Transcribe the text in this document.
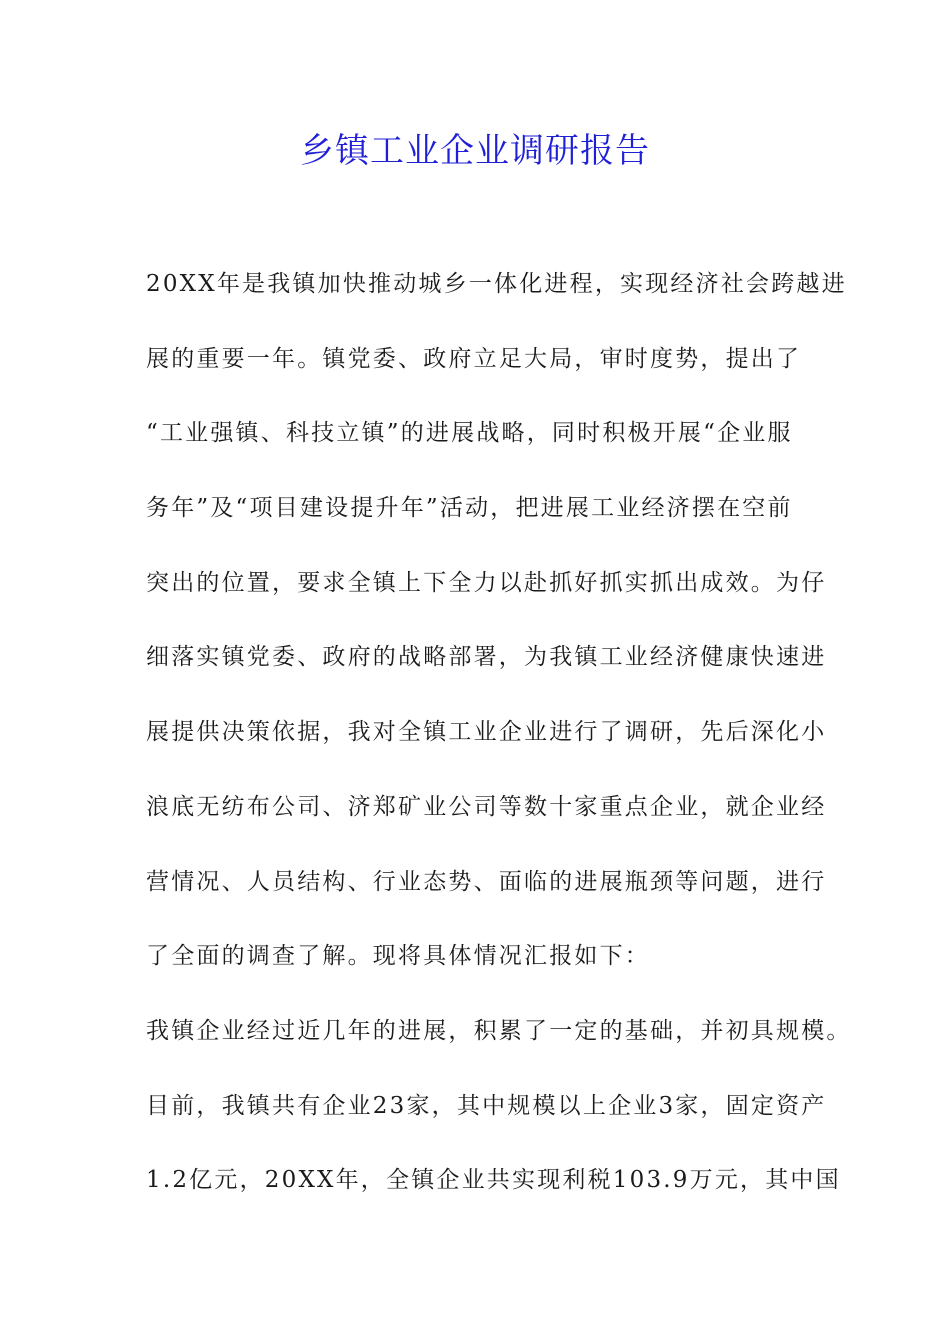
乡镇工业企业调研报告
20XX年是我镇加快推动城乡一体化进程，实现经济社会跨越进
展的重要一年。镇党委、政府立足大局，审时度势，提出了
“工业强镇、科技立镇”的进展战略，同时积极开展“企业服
务年”及“项目建设提升年”活动，把进展工业经济摆在空前
突出的位置，要求全镇上下全力以赴抓好抓实抓出成效。为仔
细落实镇党委、政府的战略部署，为我镇工业经济健康快速进
展提供决策依据，我对全镇工业企业进行了调研，先后深化小
浪底无纺布公司、济郑矿业公司等数十家重点企业，就企业经
营情况、人员结构、行业态势、面临的进展瓶颈等问题，进行
了全面的调查了解。现将具体情况汇报如下：
我镇企业经过近几年的进展，积累了一定的基础，并初具规模。
目前，我镇共有企业23家，其中规模以上企业3家，固定资产
1.2亿元，20XX年，全镇企业共实现利税103.9万元，其中国
